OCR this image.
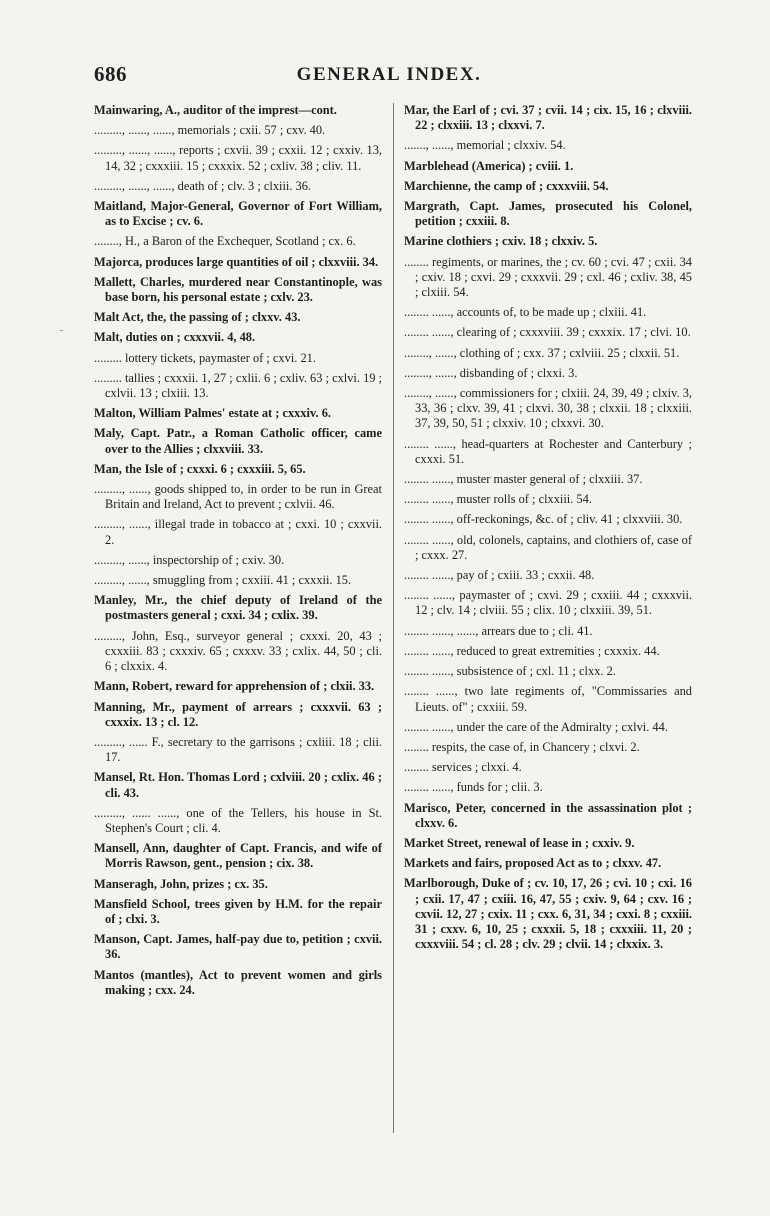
686	GENERAL INDEX.

Mainwaring, A., auditor of the imprest—cont.

........., ......, ......, memorials ; cxii. 57 ; cxv. 40.

........., ......, ......, reports ; cxvii. 39 ; cxxii. 12 ; cxxiv. 13, 14, 32 ; cxxxiii. 15 ; cxxxix. 52 ; cxliv. 38 ; cliv. 11.

........., ......, ......, death of ; clv. 3 ; clxiii. 36.

Maitland, Major-General, Governor of Fort William, as to Excise ; cv. 6.

........, H., a Baron of the Exchequer, Scotland ; cx. 6.

Majorca, produces large quantities of oil ; clxxviii. 34.

Mallett, Charles, murdered near Constantinople, was base born, his personal estate ; cxlv. 23.

Malt Act, the, the passing of ; clxxv. 43.

Malt, duties on ; cxxxvii. 4, 48.

......... lottery tickets, paymaster of ; cxvi. 21.

......... tallies ; cxxxii. 1, 27 ; cxlii. 6 ; cxliv. 63 ; cxlvi. 19 ; cxlvii. 13 ; clxiii. 13.

Malton, William Palmes' estate at ; cxxxiv. 6.

Maly, Capt. Patr., a Roman Catholic officer, came over to the Allies ; clxxviii. 33.

Man, the Isle of ; cxxxi. 6 ; cxxxiii. 5, 65.

........., ......, goods shipped to, in order to be run in Great Britain and Ireland, Act to prevent ; cxlvii. 46.

........., ......, illegal trade in tobacco at ; cxxi. 10 ; cxxvii. 2.

........., ......, inspectorship of ; cxiv. 30.

........., ......, smuggling from ; cxxiii. 41 ; cxxxii. 15.

Manley, Mr., the chief deputy of Ireland of the postmasters general ; cxxi. 34 ; cxlix. 39.

........., John, Esq., surveyor general ; cxxxi. 20, 43 ; cxxxiii. 83 ; cxxxiv. 65 ; cxxxv. 33 ; cxlix. 44, 50 ; cli. 6 ; clxxix. 4.

Mann, Robert, reward for apprehension of ; clxii. 33.

Manning, Mr., payment of arrears ; cxxxvii. 63 ; cxxxix. 13 ; cl. 12.

........., ...... F., secretary to the garrisons ; cxliii. 18 ; clii. 17.

Mansel, Rt. Hon. Thomas Lord ; cxlviii. 20 ; cxlix. 46 ; cli. 43.

........., ...... ......, one of the Tellers, his house in St. Stephen's Court ; cli. 4.

Mansell, Ann, daughter of Capt. Francis, and wife of Morris Rawson, gent., pension ; cix. 38.

Manseragh, John, prizes ; cx. 35.

Mansfield School, trees given by H.M. for the repair of ; clxi. 3.

Manson, Capt. James, half-pay due to, petition ; cxvii. 36.

Mantos (mantles), Act to prevent women and girls making ; cxx. 24.

Mar, the Earl of ; cvi. 37 ; cvii. 14 ; cix. 15, 16 ; clxviii. 22 ; clxxiii. 13 ; clxxvi. 7.

......., ......, memorial ; clxxiv. 54.

Marblehead (America) ; cviii. 1.

Marchienne, the camp of ; cxxxviii. 54.

Margrath, Capt. James, prosecuted his Colonel, petition ; cxxiii. 8.

Marine clothiers ; cxiv. 18 ; clxxiv. 5.

........ regiments, or marines, the ; cv. 60 ; cvi. 47 ; cxii. 34 ; cxiv. 18 ; cxvi. 29 ; cxxxvii. 29 ; cxl. 46 ; cxliv. 38, 45 ; clxiii. 54.

........ ......, accounts of, to be made up ; clxiii. 41.

........ ......, clearing of ; cxxxviii. 39 ; cxxxix. 17 ; clvi. 10.

........, ......, clothing of ; cxx. 37 ; cxlviii. 25 ; clxxii. 51.

........, ......, disbanding of ; clxxi. 3.

........, ......, commissioners for ; clxiii. 24, 39, 49 ; clxiv. 3, 33, 36 ; clxv. 39, 41 ; clxvi. 30, 38 ; clxxii. 18 ; clxxiii. 37, 39, 50, 51 ; clxxiv. 10 ; clxxvi. 30.

........ ......, head-quarters at Rochester and Canterbury ; cxxxi. 51.

........ ......, muster master general of ; clxxiii. 37.

........ ......, muster rolls of ; clxxiii. 54.

........ ......, off-reckonings, &c. of ; cliv. 41 ; clxxviii. 30.

........ ......, old, colonels, captains, and clothiers of, case of ; cxxx. 27.

........ ......, pay of ; cxiii. 33 ; cxxii. 48.

........ ......, paymaster of ; cxvi. 29 ; cxxiii. 44 ; cxxxvii. 12 ; clv. 14 ; clviii. 55 ; clix. 10 ; clxxiii. 39, 51.

........ ......, ......, arrears due to ; cli. 41.

........ ......, reduced to great extremities ; cxxxix. 44.

........ ......, subsistence of ; cxl. 11 ; clxx. 2.

........ ......, two late regiments of, "Commissaries and Lieuts. of" ; cxxiii. 59.

........ ......, under the care of the Admiralty ; cxlvi. 44.

........ respits, the case of, in Chancery ; clxvi. 2.

........ services ; clxxi. 4.

........ ......, funds for ; clii. 3.

Marisco, Peter, concerned in the assassination plot ; clxxv. 6.

Market Street, renewal of lease in ; cxxiv. 9.

Markets and fairs, proposed Act as to ; clxxv. 47.

Marlborough, Duke of ; cv. 10, 17, 26 ; cvi. 10 ; cxi. 16 ; cxii. 17, 47 ; cxiii. 16, 47, 55 ; cxiv. 9, 64 ; cxv. 16 ; cxvii. 12, 27 ; cxix. 11 ; cxx. 6, 31, 34 ; cxxi. 8 ; cxxiii. 31 ; cxxv. 6, 10, 25 ; cxxxii. 5, 18 ; cxxxiii. 11, 20 ; cxxxviii. 54 ; cl. 28 ; clv. 29 ; clvii. 14 ; clxxix. 3.
